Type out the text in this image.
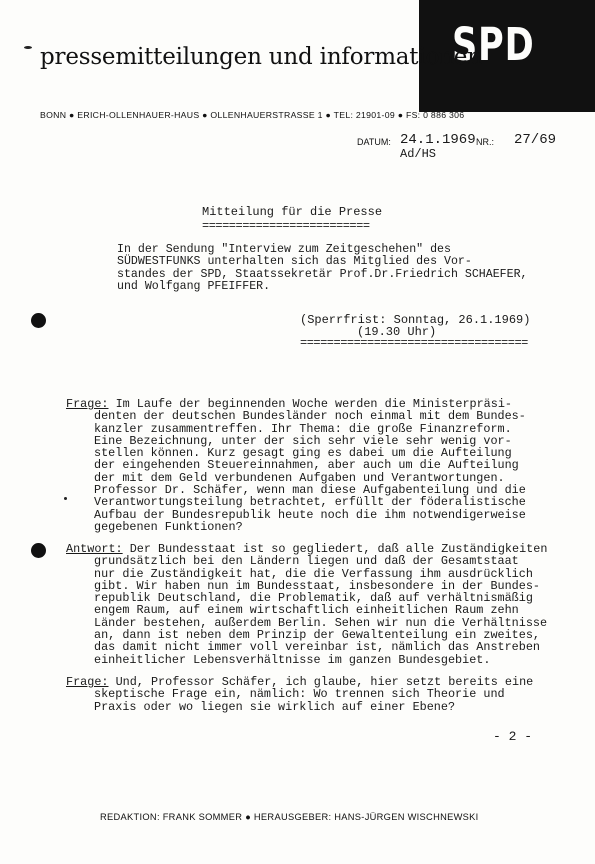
SPD
pressemitteilungen und informationen
BONN ● ERICH-OLLENHAUER-HAUS ● OLLENHAUERSTRASSE 1 ● TEL: 21901-09 ● FS: 0 886 306
DATUM: 24.1.1969 NR.: 27/69
Ad/HS
Mitteilung für die Presse
=========================
In der Sendung "Interview zum Zeitgeschehen" des
SÜDWESTFUNKS unterhalten sich das Mitglied des Vor-
standes der SPD, Staatssekretär Prof.Dr.Friedrich SCHAEFER,
und Wolfgang PFEIFFER.
(Sperrfrist: Sonntag, 26.1.1969)
(19.30 Uhr)
==================================
Frage: Im Laufe der beginnenden Woche werden die Ministerpräsi-
denten der deutschen Bundesländer noch einmal mit dem Bundes-
kanzler zusammentreffen. Ihr Thema: die große Finanzreform.
Eine Bezeichnung, unter der sich sehr viele sehr wenig vor-
stellen können. Kurz gesagt ging es dabei um die Aufteilung
der eingehenden Steuereinnahmen, aber auch um die Aufteilung
der mit dem Geld verbundenen Aufgaben und Verantwortungen.
Professor Dr. Schäfer, wenn man diese Aufgabenteilung und die
Verantwortungsteilung betrachtet, erfüllt der föderalistische
Aufbau der Bundesrepublik heute noch die ihm notwendigerweise
gegebenen Funktionen?
Antwort: Der Bundesstaat ist so gegliedert, daß alle Zuständigkeiten
grundsätzlich bei den Ländern liegen und daß der Gesamtstaat
nur die Zuständigkeit hat, die die Verfassung ihm ausdrücklich
gibt. Wir haben nun im Bundesstaat, insbesondere in der Bundes-
republik Deutschland, die Problematik, daß auf verhältnismäßig
engem Raum, auf einem wirtschaftlich einheitlichen Raum zehn
Länder bestehen, außerdem Berlin. Sehen wir nun die Verhältnisse
an, dann ist neben dem Prinzip der Gewaltenteilung ein zweites,
das damit nicht immer voll vereinbar ist, nämlich das Anstreben
einheitlicher Lebensverhältnisse im ganzen Bundesgebiet.
Frage: Und, Professor Schäfer, ich glaube, hier setzt bereits eine
skeptische Frage ein, nämlich: Wo trennen sich Theorie und
Praxis oder wo liegen sie wirklich auf einer Ebene?
- 2 -
REDAKTION: FRANK SOMMER ● HERAUSGEBER: HANS-JÜRGEN WISCHNEWSKI
